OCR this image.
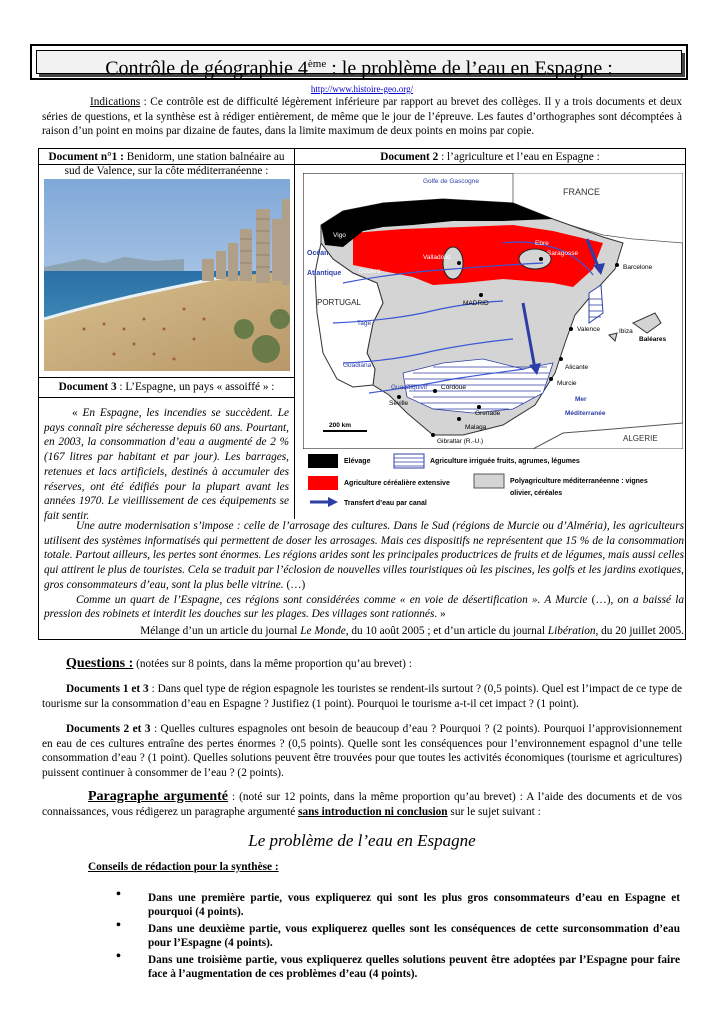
Contrôle de géographie 4ème : le problème de l’eau en Espagne :
http://www.histoire-geo.org/
Indications : Ce contrôle est de difficulté légèrement inférieure par rapport au brevet des collèges. Il y a trois documents et deux séries de questions, et la synthèse est à rédiger entièrement, de même que le jour de l’épreuve. Les fautes d’orthographes sont décomptées à raison d’un point en moins par dizaine de fautes, dans la limite maximum de deux points en moins par copie.
Document n°1 : Benidorm, une station balnéaire au sud de Valence, sur la côte méditerranéenne :
Document 2 : l’agriculture et l’eau en Espagne :
Document 3 : L’Espagne, un pays « assoiffé » :
« En Espagne, les incendies se succèdent. Le pays connaît pire sécheresse depuis 60 ans. Pourtant, en 2003, la consommation d’eau a augmenté de 2 % (167 litres par habitant et par jour). Les barrages, retenues et lacs artificiels, destinés à accumuler des réserves, ont été édifiés pour la plupart avant les années 1970. Le vieillissement de ces équipements se fait sentir.
Golfe de Gascogne
FRANCE
Gijon
Bilbao
Vigo
Océan
Atlantique
Valladolid
Ebre
Saragosse
Barcelone
Douero
PORTUGAL	MADRID
Tage
Valence	Ibiza
Baléares
Guadiana	Alicante
Murcie
Guadalquivir Cordoue
Séville
Mer
Méditerranée
Grenade
Malaga
Gibraltar (R.-U.)	ALGERIE
200 km
Elévage	Agriculture irriguée fruits, agrumes, légumes
Agriculture céréalière extensive	Polyagriculture méditerranéenne : vignes
olivier, céréales
Transfert d’eau par canal

Une autre modernisation s’impose : celle de l’arrosage des cultures. Dans le Sud (régions de Murcie ou d’Alméria), les agriculteurs utilisent des systèmes informatisés qui permettent de doser les arrosages. Mais ces dispositifs ne représentent que 15 % de la consommation totale. Partout ailleurs, les pertes sont énormes. Les régions arides sont les principales productrices de fruits et de légumes, mais aussi celles qui attirent le plus de touristes. Cela se traduit par l’éclosion de nouvelles villes touristiques où les piscines, les golfs et les jardins exotiques, gros consommateurs d’eau, sont la plus belle vitrine. (…)

Comme un quart de l’Espagne, ces régions sont considérées comme « en voie de désertification ». A Murcie (…), on a baissé la pression des robinets et interdit les douches sur les plages. Des villages sont rationnés. »

Mélange d’un un article du journal Le Monde, du 10 août 2005 ; et d’un article du journal Libération, du 20 juillet 2005.
Questions : (notées sur 8 points, dans la même proportion qu’au brevet) :
Documents 1 et 3 : Dans quel type de région espagnole les touristes se rendent-ils surtout ? (0,5 points). Quel est l’impact de ce type de tourisme sur la consommation d’eau en Espagne ? Justifiez (1 point). Pourquoi le tourisme a-t-il cet impact ? (1 point).
Documents 2 et 3 : Quelles cultures espagnoles ont besoin de beaucoup d’eau ? Pourquoi ? (2 points). Pourquoi l’approvisionnement en eau de ces cultures entraîne des pertes énormes ? (0,5 points). Quelle sont les conséquences pour l’environnement espagnol d’une telle consommation d’eau ? (1 point). Quelles solutions peuvent être trouvées pour que toutes les activités économiques (tourisme et agricultures) puissent continuer à consommer de l’eau ? (2 points).
Paragraphe argumenté : (noté sur 12 points, dans la même proportion qu’au brevet) : A l’aide des documents et de vos connaissances, vous rédigerez un paragraphe argumenté sans introduction ni conclusion sur le sujet suivant :
Le problème de l’eau en Espagne
Conseils de rédaction pour la synthèse :
• Dans une première partie, vous expliquerez qui sont les plus gros consommateurs d’eau en Espagne et pourquoi (4 points).
• Dans une deuxième partie, vous expliquerez quelles sont les conséquences de cette surconsommation d’eau pour l’Espagne (4 points).
• Dans une troisième partie, vous expliquerez quelles solutions peuvent être adoptées par l’Espagne pour faire face à l’augmentation de ces problèmes d’eau (4 points).
